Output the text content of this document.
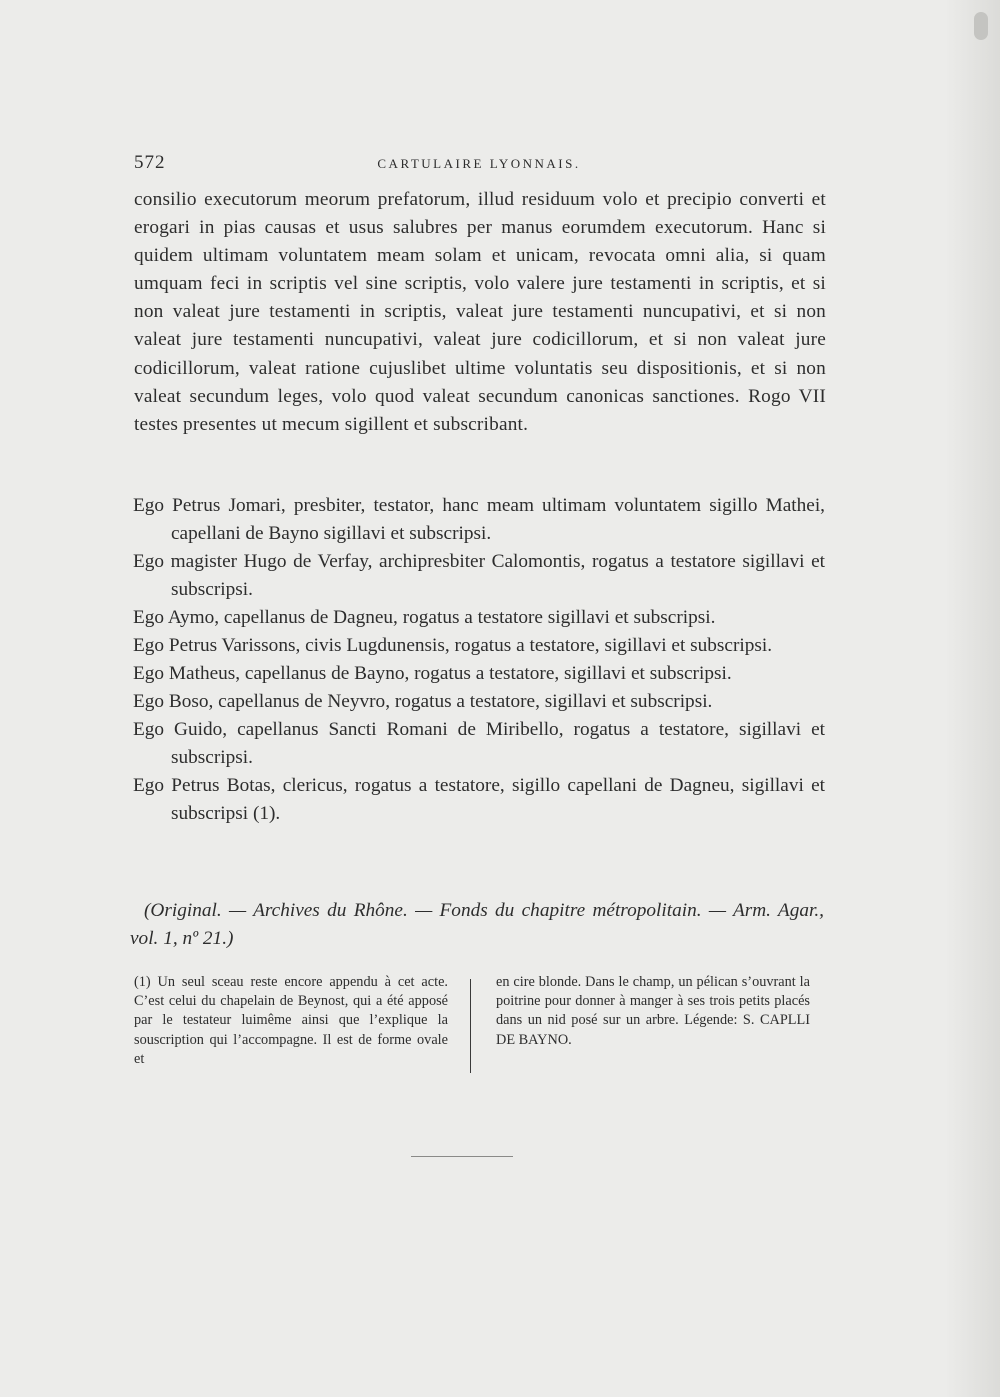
572	CARTULAIRE LYONNAIS.

consilio executorum meorum prefatorum, illud residuum volo et precipio converti et erogari in pias causas et usus salubres per manus eorumdem executorum. Hanc si quidem ultimam voluntatem meam solam et unicam, revocata omni alia, si quam umquam feci in scriptis vel sine scriptis, volo valere jure testamenti in scriptis, et si non valeat jure testamenti in scriptis, valeat jure testamenti nuncupativi, et si non valeat jure testamenti nuncupativi, valeat jure codicillorum, et si non valeat jure codicillorum, valeat ratione cujuslibet ultime voluntatis seu dispositionis, et si non valeat secundum leges, volo quod valeat secundum canonicas sanctiones. Rogo VII testes presentes ut mecum sigillent et subscribant.

Ego Petrus Jomari, presbiter, testator, hanc meam ultimam voluntatem sigillo Mathei, capellani de Bayno sigillavi et subscripsi.

Ego magister Hugo de Verfay, archipresbiter Calomontis, rogatus a testatore sigillavi et subscripsi.

Ego Aymo, capellanus de Dagneu, rogatus a testatore sigillavi et subscripsi.

Ego Petrus Varissons, civis Lugdunensis, rogatus a testatore, sigillavi et subscripsi.

Ego Matheus, capellanus de Bayno, rogatus a testatore, sigillavi et subscripsi.

Ego Boso, capellanus de Neyvro, rogatus a testatore, sigillavi et subscripsi.

Ego Guido, capellanus Sancti Romani de Miribello, rogatus a testatore, sigillavi et subscripsi.

Ego Petrus Botas, clericus, rogatus a testatore, sigillo capellani de Dagneu, sigillavi et subscripsi (1).

(Original. — Archives du Rhône. — Fonds du chapitre métropolitain. — Arm. Agar., vol. 1, nº 21.)

(1) Un seul sceau reste encore appendu à cet acte. C’est celui du chapelain de Beynost, qui a été apposé par le testateur luimême ainsi que l’explique la souscription qui l’accompagne. Il est de forme ovale et

en cire blonde. Dans le champ, un pélican s’ouvrant la poitrine pour donner à manger à ses trois petits placés dans un nid posé sur un arbre. Légende: S. CAPLLI DE BAYNO.
